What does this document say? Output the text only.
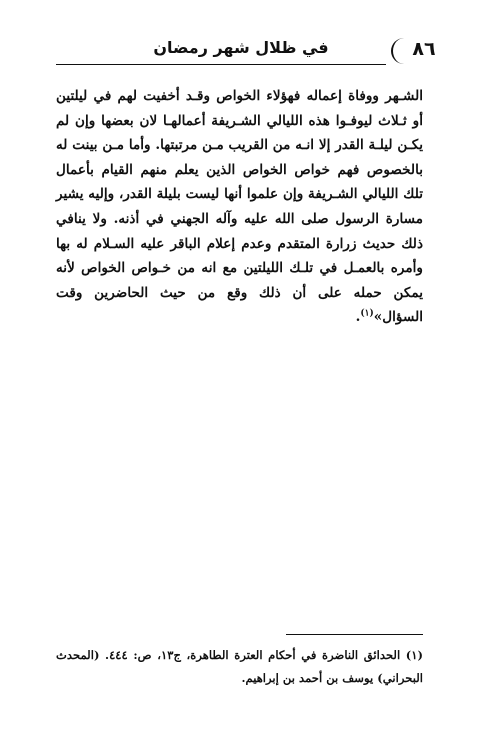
٨٦
في ظلال شهر رمضان

الشـهر ووفاة إعماله فهؤلاء الخواص وقـد أخفيت لهم في ليلتين أو ثـلاث ليوفـوا هذه الليالي الشـريفة أعمالهـا لان بعضها وإن لم يكـن ليلـة القدر إلا انـه من القريب مـن مرتبتها. وأما مـن بينت له بالخصوص فهم خواص الخواص الذين يعلم منهم القيام بأعمال تلك الليالي الشـريفة وإن علموا أنها ليست بليلة القدر، وإليه يشير مسارة الرسول صلى الله عليه وآله الجهني في أذنه. ولا ينافي ذلك حديث زرارة المتقدم وعدم إعلام الباقر عليه السـلام له بها وأمره بالعمـل في تلـك الليلتين مع انه من خـواص الخواص لأنه يمكن حمله على أن ذلك وقع من حيث الحاضرين وقت السؤال»$^{(١)}$.

(١) الحدائق الناضرة في أحكام العترة الطاهرة، ج١٣، ص: ٤٤٤. (المحدث البحراني) يوسف بن أحمد بن إبراهيم.
